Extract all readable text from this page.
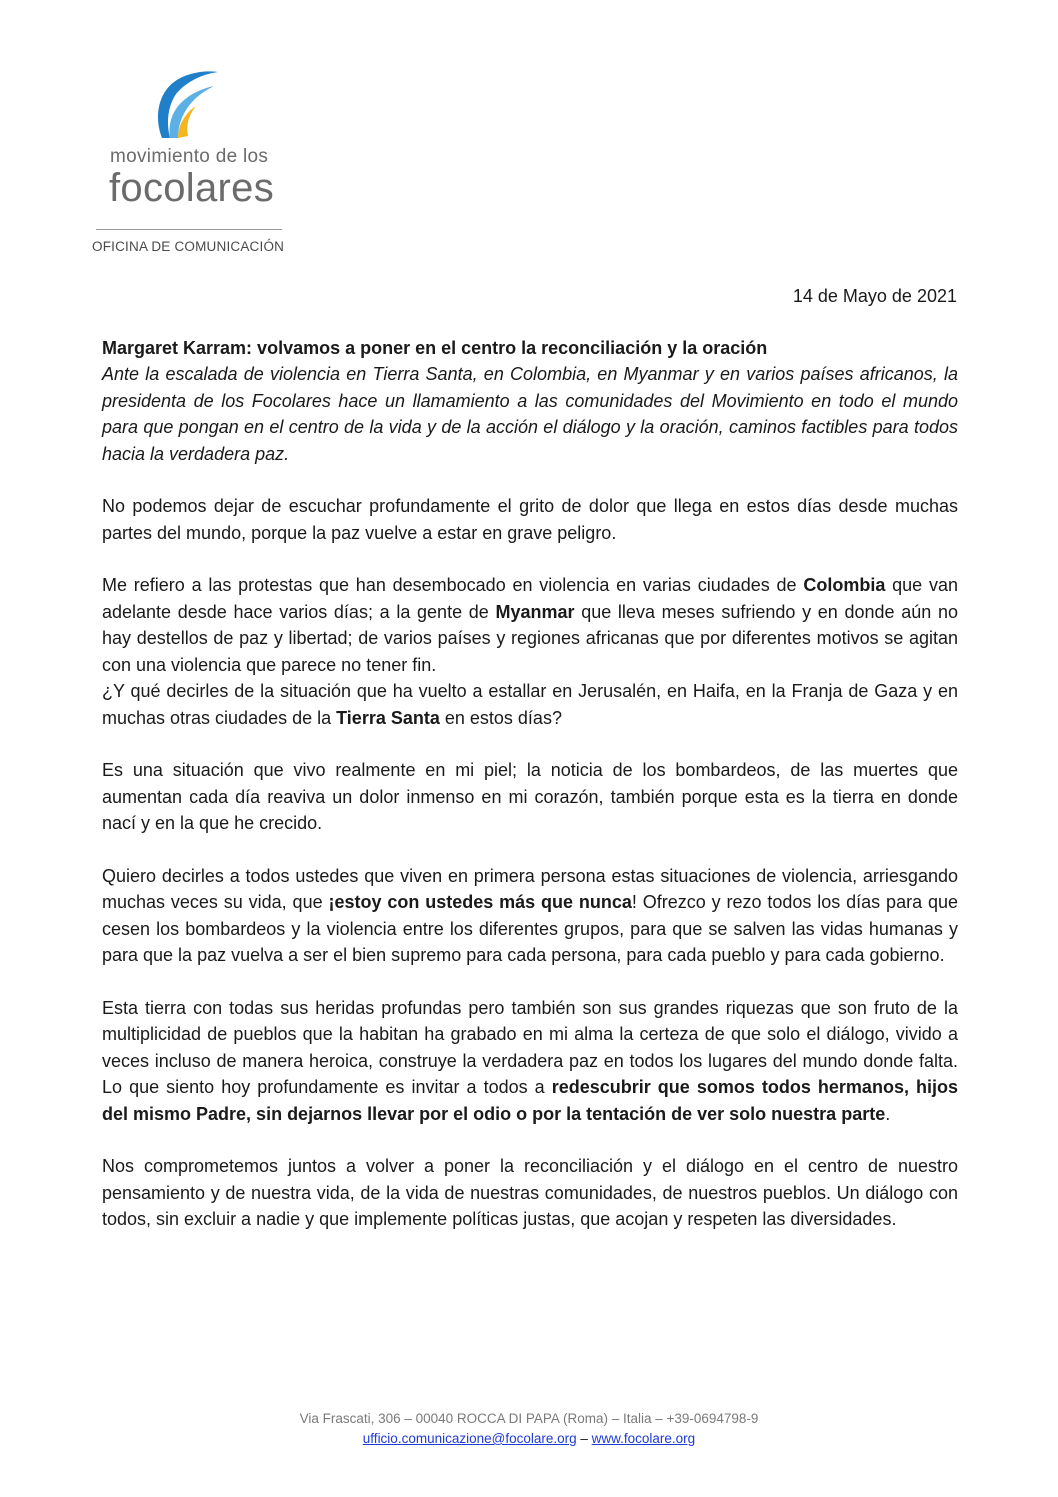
movimiento de los
focolares
OFICINA DE COMUNICACIÓN
14 de Mayo de 2021

Margaret Karram: volvamos a poner en el centro la reconciliación y la oración

Ante la escalada de violencia en Tierra Santa, en Colombia, en Myanmar y en varios países africanos, la presidenta de los Focolares hace un llamamiento a las comunidades del Movimiento en todo el mundo para que pongan en el centro de la vida y de la acción el diálogo y la oración, caminos factibles para todos hacia la verdadera paz.

No podemos dejar de escuchar profundamente el grito de dolor que llega en estos días desde muchas partes del mundo, porque la paz vuelve a estar en grave peligro.

Me refiero a las protestas que han desembocado en violencia en varias ciudades de Colombia que van adelante desde hace varios días; a la gente de Myanmar que lleva meses sufriendo y en donde aún no hay destellos de paz y libertad; de varios países y regiones africanas que por diferentes motivos se agitan con una violencia que parece no tener fin.

¿Y qué decirles de la situación que ha vuelto a estallar en Jerusalén, en Haifa, en la Franja de Gaza y en muchas otras ciudades de la Tierra Santa en estos días?

Es una situación que vivo realmente en mi piel; la noticia de los bombardeos, de las muertes que aumentan cada día reaviva un dolor inmenso en mi corazón, también porque esta es la tierra en donde nací y en la que he crecido.

Quiero decirles a todos ustedes que viven en primera persona estas situaciones de violencia, arriesgando muchas veces su vida, que ¡estoy con ustedes más que nunca! Ofrezco y rezo todos los días para que cesen los bombardeos y la violencia entre los diferentes grupos, para que se salven las vidas humanas y para que la paz vuelva a ser el bien supremo para cada persona, para cada pueblo y para cada gobierno.

Esta tierra con todas sus heridas profundas pero también son sus grandes riquezas que son fruto de la multiplicidad de pueblos que la habitan ha grabado en mi alma la certeza de que solo el diálogo, vivido a veces incluso de manera heroica, construye la verdadera paz en todos los lugares del mundo donde falta. Lo que siento hoy profundamente es invitar a todos a redescubrir que somos todos hermanos, hijos del mismo Padre, sin dejarnos llevar por el odio o por la tentación de ver solo nuestra parte.

Nos comprometemos juntos a volver a poner la reconciliación y el diálogo en el centro de nuestro pensamiento y de nuestra vida, de la vida de nuestras comunidades, de nuestros pueblos. Un diálogo con todos, sin excluir a nadie y que implemente políticas justas, que acojan y respeten las diversidades.

Via Frascati, 306 – 00040 ROCCA DI PAPA (Roma) – Italia – +39-0694798-9
ufficio.comunicazione@focolare.org – www.focolare.org
